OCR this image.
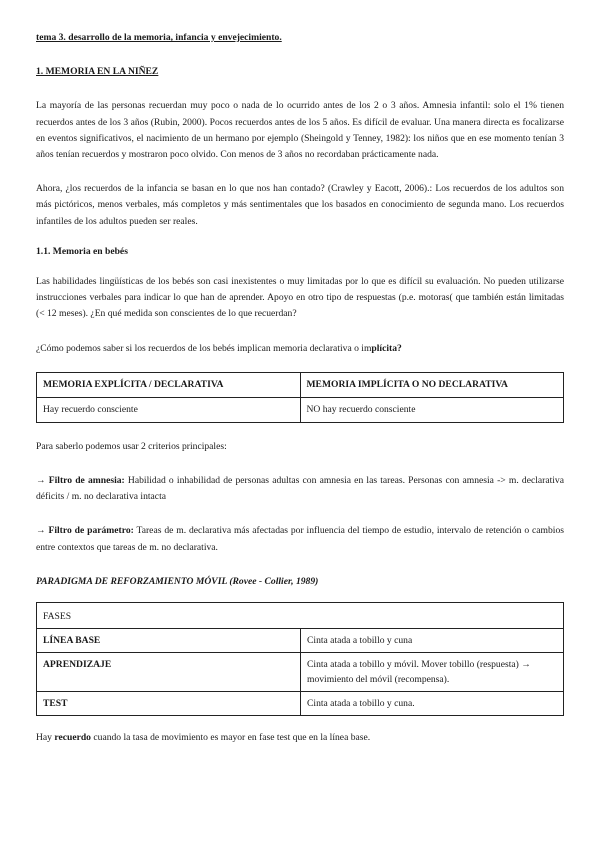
tema 3. desarrollo de la memoria, infancia y envejecimiento.

1. MEMORIA EN LA NIÑEZ

La mayoría de las personas recuerdan muy poco o nada de lo ocurrido antes de los 2 o 3 años. Amnesia infantil: solo el 1% tienen recuerdos antes de los 3 años (Rubin, 2000). Pocos recuerdos antes de los 5 años. Es difícil de evaluar. Una manera directa es focalizarse en eventos significativos, el nacimiento de un hermano por ejemplo (Sheingold y Tenney, 1982): los niños que en ese momento tenían 3 años tenían recuerdos y mostraron poco olvido. Con menos de 3 años no recordaban prácticamente nada.

Ahora, ¿los recuerdos de la infancia se basan en lo que nos han contado? (Crawley y Eacott, 2006).: Los recuerdos de los adultos son más pictóricos, menos verbales, más completos y más sentimentales que los basados en conocimiento de segunda mano. Los recuerdos infantiles de los adultos pueden ser reales.

1.1. Memoria en bebés

Las habilidades lingüísticas de los bebés son casi inexistentes o muy limitadas por lo que es difícil su evaluación. No pueden utilizarse instrucciones verbales para indicar lo que han de aprender. Apoyo en otro tipo de respuestas (p.e. motoras( que también están limitadas (< 12 meses). ¿En qué medida son conscientes de lo que recuerdan?

¿Cómo podemos saber si los recuerdos de los bebés implican memoria declarativa o implícita?

MEMORIA EXPLÍCITA / DECLARATIVA	MEMORIA IMPLÍCITA O NO DECLARATIVA
Hay recuerdo consciente	NO hay recuerdo consciente

Para saberlo podemos usar 2 criterios principales:

→ Filtro de amnesia: Habilidad o inhabilidad de personas adultas con amnesia en las tareas. Personas con amnesia -> m. declarativa déficits / m. no declarativa intacta

→ Filtro de parámetro: Tareas de m. declarativa más afectadas por influencia del tiempo de estudio, intervalo de retención o cambios entre contextos que tareas de m. no declarativa.

PARADIGMA DE REFORZAMIENTO MÓVIL (Rovee - Collier, 1989)

FASES	
LÍNEA BASE	Cinta atada a tobillo y cuna
APRENDIZAJE	Cinta atada a tobillo y móvil. Mover tobillo (respuesta) → movimiento del móvil (recompensa).
TEST	Cinta atada a tobillo y cuna.

Hay recuerdo cuando la tasa de movimiento es mayor en fase test que en la línea base.
